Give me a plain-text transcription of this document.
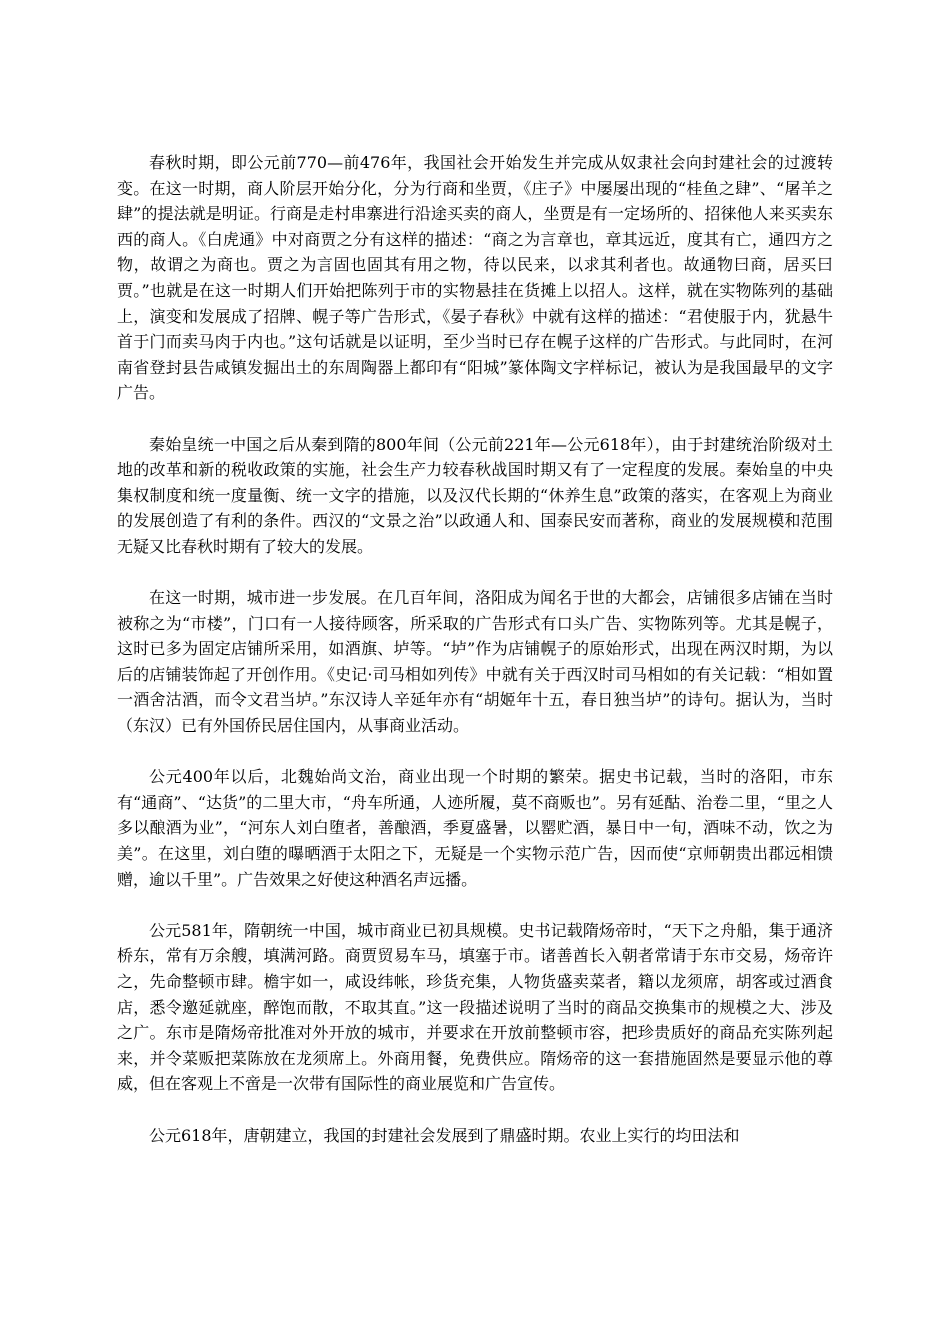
春秋时期，即公元前770—前476年，我国社会开始发生并完成从奴隶社会向封建社会的过渡转变。在这一时期，商人阶层开始分化，分为行商和坐贾，《庄子》中屡屡出现的“桂鱼之肆”、“屠羊之肆”的提法就是明证。行商是走村串寨进行沿途买卖的商人，坐贾是有一定场所的、招徕他人来买卖东西的商人。《白虎通》中对商贾之分有这样的描述：“商之为言章也，章其远近，度其有亡，通四方之物，故谓之为商也。贾之为言固也固其有用之物，待以民来，以求其利者也。故通物曰商，居买曰贾。”也就是在这一时期人们开始把陈列于市的实物悬挂在货摊上以招人。这样，就在实物陈列的基础上，演变和发展成了招牌、幌子等广告形式，《晏子春秋》中就有这样的描述：“君使服于内，犹悬牛首于门而卖马肉于内也。”这句话就是以证明，至少当时已存在幌子这样的广告形式。与此同时，在河南省登封县告咸镇发掘出土的东周陶器上都印有“阳城”篆体陶文字样标记，被认为是我国最早的文字广告。

秦始皇统一中国之后从秦到隋的800年间（公元前221年—公元618年），由于封建统治阶级对土地的改革和新的税收政策的实施，社会生产力较春秋战国时期又有了一定程度的发展。秦始皇的中央集权制度和统一度量衡、统一文字的措施，以及汉代长期的“休养生息”政策的落实，在客观上为商业的发展创造了有利的条件。西汉的“文景之治”以政通人和、国泰民安而著称，商业的发展规模和范围无疑又比春秋时期有了较大的发展。

在这一时期，城市进一步发展。在几百年间，洛阳成为闻名于世的大都会，店铺很多店铺在当时被称之为“市楼”，门口有一人接待顾客，所采取的广告形式有口头广告、实物陈列等。尤其是幌子，这时已多为固定店铺所采用，如酒旗、垆等。“垆”作为店铺幌子的原始形式，出现在两汉时期，为以后的店铺装饰起了开创作用。《史记·司马相如列传》中就有关于西汉时司马相如的有关记载：“相如置一酒舍沽酒，而令文君当垆。”东汉诗人辛延年亦有“胡姬年十五，春日独当垆”的诗句。据认为，当时（东汉）已有外国侨民居住国内，从事商业活动。

公元400年以后，北魏始尚文治，商业出现一个时期的繁荣。据史书记载，当时的洛阳，市东有“通商”、“达货”的二里大市，“舟车所通，人迹所履，莫不商贩也”。另有延酤、治卷二里，“里之人多以酿酒为业”，“河东人刘白堕者，善酿酒，季夏盛暑，以罂贮酒，暴日中一旬，酒味不动，饮之为美”。在这里，刘白堕的曝晒酒于太阳之下，无疑是一个实物示范广告，因而使“京师朝贵出郡远相馈赠，逾以千里”。广告效果之好使这种酒名声远播。

公元581年，隋朝统一中国，城市商业已初具规模。史书记载隋炀帝时，“天下之舟船，集于通济桥东，常有万余艘，填满河路。商贾贸易车马，填塞于市。诸善酋长入朝者常请于东市交易，炀帝许之，先命整顿市肆。檐宇如一，咸设纬帐，珍货充集，人物货盛卖菜者，籍以龙须席，胡客或过酒食店，悉令邀延就座，醉饱而散，不取其直。”这一段描述说明了当时的商品交换集市的规模之大、涉及之广。东市是隋炀帝批准对外开放的城市，并要求在开放前整顿市容，把珍贵质好的商品充实陈列起来，并令菜贩把菜陈放在龙须席上。外商用餐，免费供应。隋炀帝的这一套措施固然是要显示他的尊威，但在客观上不啻是一次带有国际性的商业展览和广告宣传。

公元618年，唐朝建立，我国的封建社会发展到了鼎盛时期。农业上实行的均田法和
